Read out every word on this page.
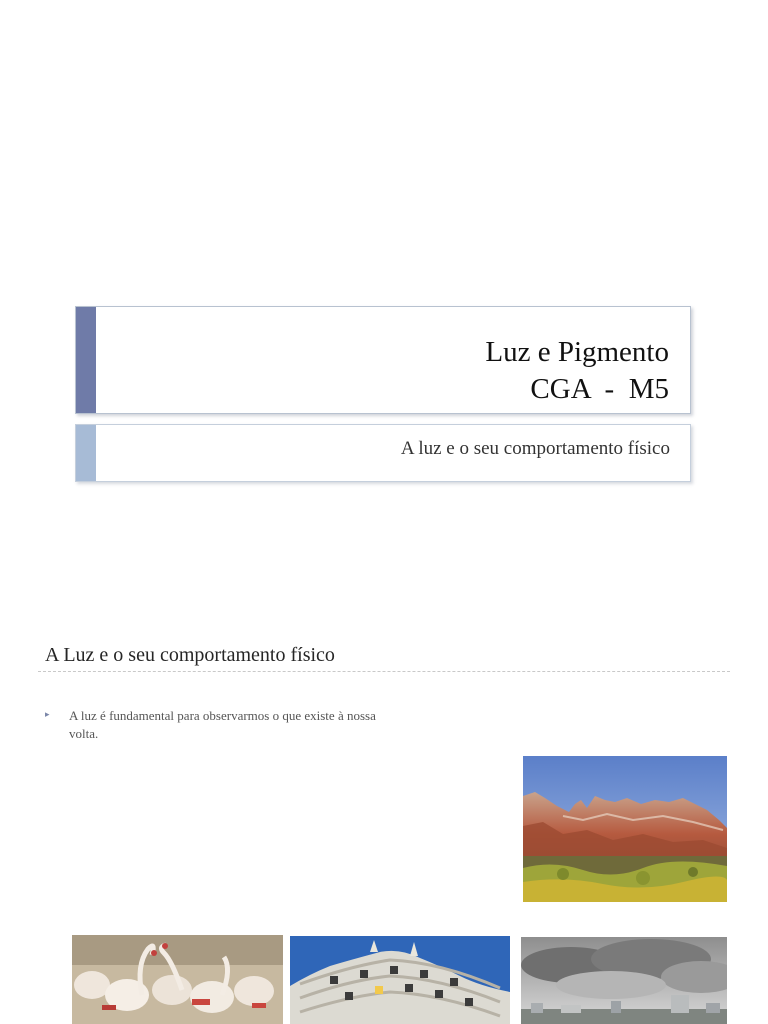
Luz e Pigmento
CGA  -  M5
A luz e o seu comportamento físico
A Luz e o seu comportamento físico
▸ A luz é fundamental para observarmos o que existe à nossa volta.
